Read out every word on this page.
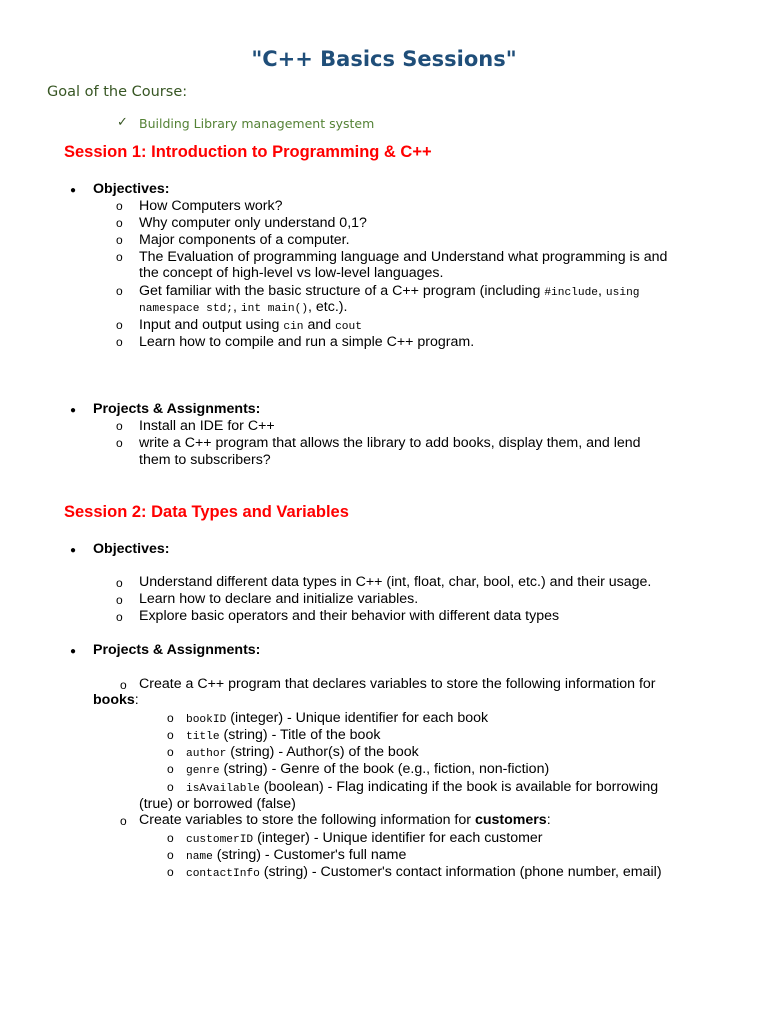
"C++ Basics Sessions"
Goal of the Course:
✓ Building Library management system
Session 1: Introduction to Programming & C++
● Objectives:
o How Computers work?
o Why computer only understand 0,1?
o Major components of a computer.
o The Evaluation of programming language and Understand what programming is and
the concept of high-level vs low-level languages.
o Get familiar with the basic structure of a C++ program (including #include, using
namespace std;, int main(), etc.).
o Input and output using cin and cout
o Learn how to compile and run a simple C++ program.
● Projects & Assignments:
o Install an IDE for C++
o write a C++ program that allows the library to add books, display them, and lend
them to subscribers?
Session 2: Data Types and Variables
● Objectives:
o Understand different data types in C++ (int, float, char, bool, etc.) and their usage.
o Learn how to declare and initialize variables.
o Explore basic operators and their behavior with different data types
● Projects & Assignments:
o Create a C++ program that declares variables to store the following information for
books:
o bookID (integer) - Unique identifier for each book
o title (string) - Title of the book
o author (string) - Author(s) of the book
o genre (string) - Genre of the book (e.g., fiction, non-fiction)
o isAvailable (boolean) - Flag indicating if the book is available for borrowing
(true) or borrowed (false)
o Create variables to store the following information for customers:
o customerID (integer) - Unique identifier for each customer
o name (string) - Customer's full name
o contactInfo (string) - Customer's contact information (phone number, email)
